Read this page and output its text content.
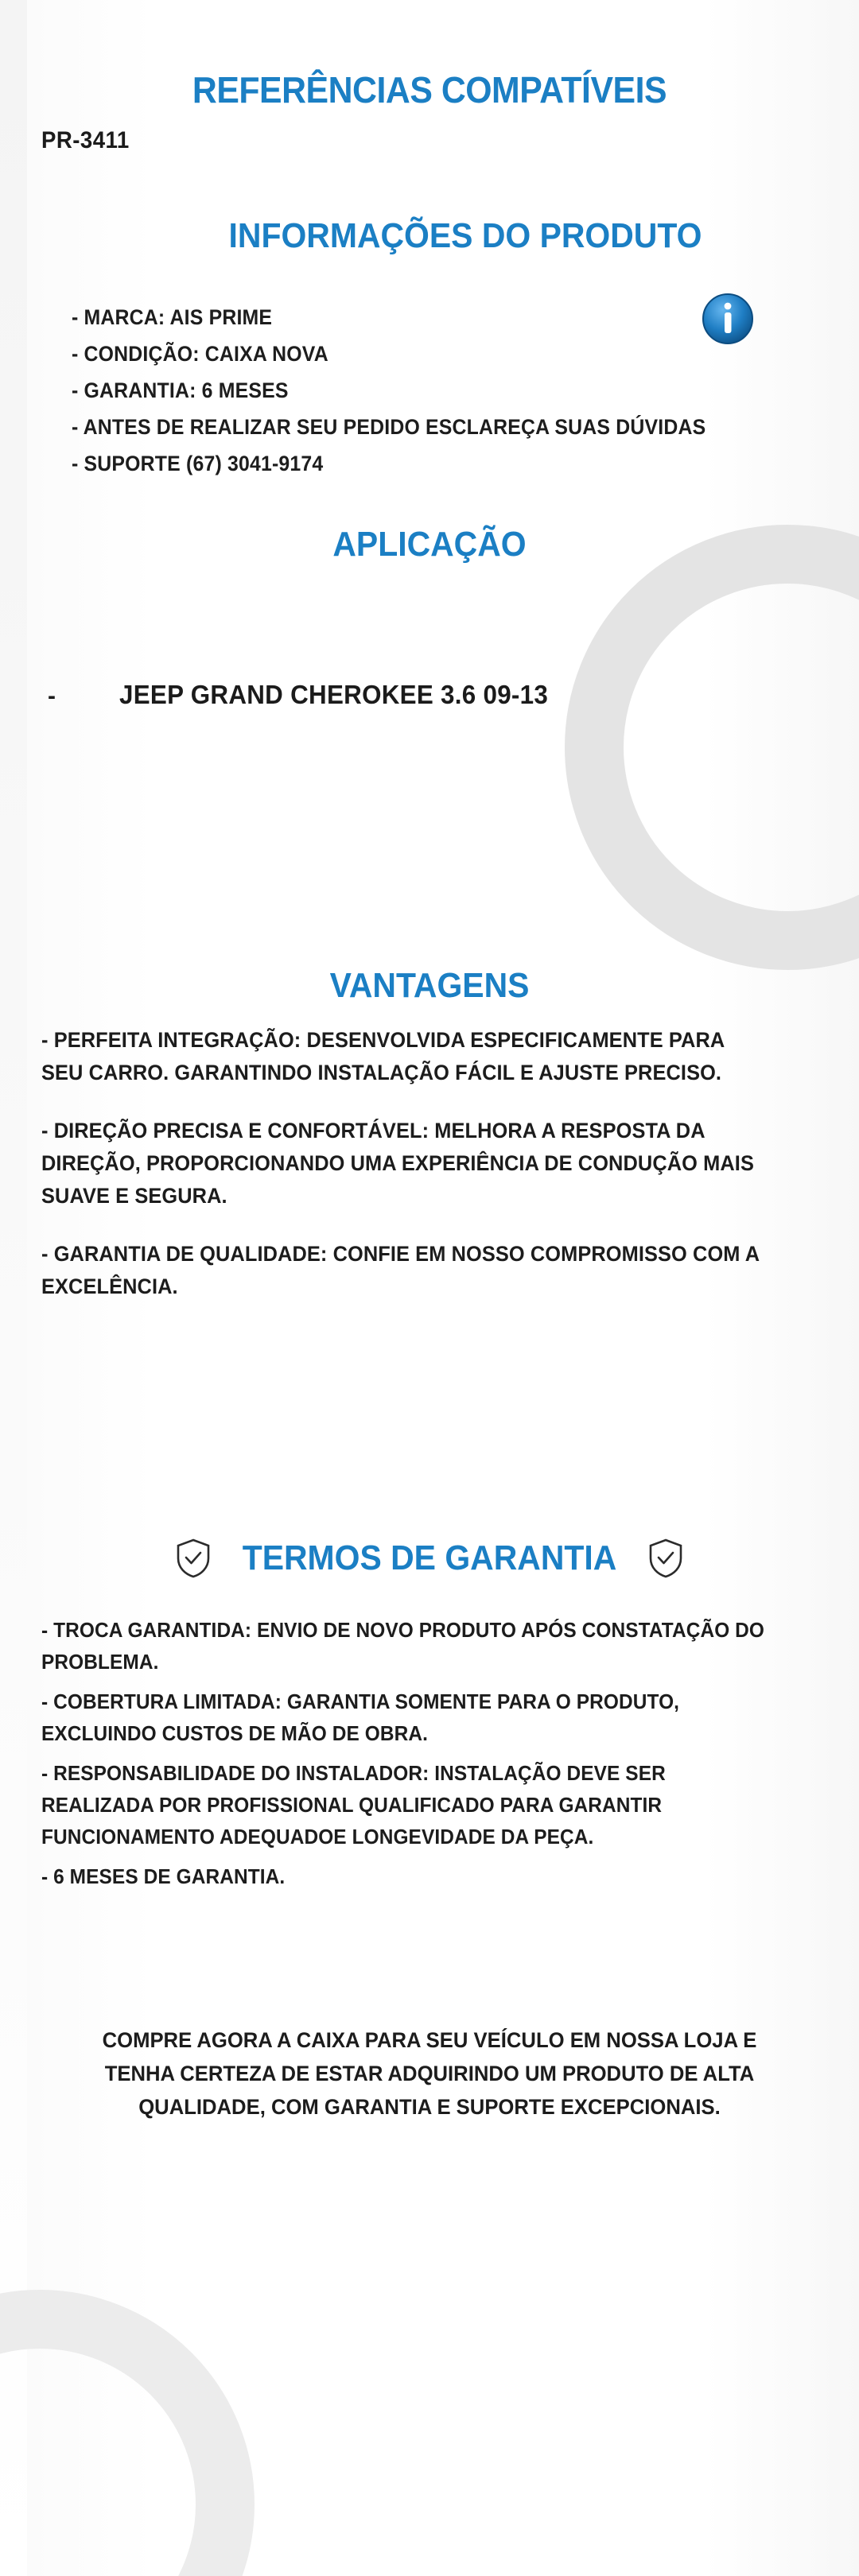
REFERÊNCIAS COMPATÍVEIS
PR-3411
INFORMAÇÕES DO PRODUTO
- MARCA: AIS PRIME
- CONDIÇÃO: CAIXA NOVA
- GARANTIA: 6 MESES
- ANTES DE REALIZAR SEU PEDIDO ESCLAREÇA SUAS DÚVIDAS
- SUPORTE (67) 3041-9174
APLICAÇÃO
-	JEEP GRAND CHEROKEE 3.6 09-13
VANTAGENS

- PERFEITA INTEGRAÇÃO: DESENVOLVIDA ESPECIFICAMENTE PARA SEU CARRO. GARANTINDO INSTALAÇÃO FÁCIL E AJUSTE PRECISO.

- DIREÇÃO PRECISA E CONFORTÁVEL: MELHORA A RESPOSTA DA DIREÇÃO, PROPORCIONANDO UMA EXPERIÊNCIA DE CONDUÇÃO MAIS SUAVE E SEGURA.

- GARANTIA DE QUALIDADE: CONFIE EM NOSSO COMPROMISSO COM A EXCELÊNCIA.

TERMOS DE GARANTIA

- TROCA GARANTIDA: ENVIO DE NOVO PRODUTO APÓS CONSTATAÇÃO DO PROBLEMA.

- COBERTURA LIMITADA: GARANTIA SOMENTE PARA O PRODUTO, EXCLUINDO CUSTOS DE MÃO DE OBRA.

- RESPONSABILIDADE DO INSTALADOR: INSTALAÇÃO DEVE SER REALIZADA POR PROFISSIONAL QUALIFICADO PARA GARANTIR FUNCIONAMENTO ADEQUADOE LONGEVIDADE DA PEÇA.

- 6 MESES DE GARANTIA.

COMPRE AGORA A CAIXA PARA SEU VEÍCULO EM NOSSA LOJA E TENHA CERTEZA DE ESTAR ADQUIRINDO UM PRODUTO DE ALTA QUALIDADE, COM GARANTIA E SUPORTE EXCEPCIONAIS.
